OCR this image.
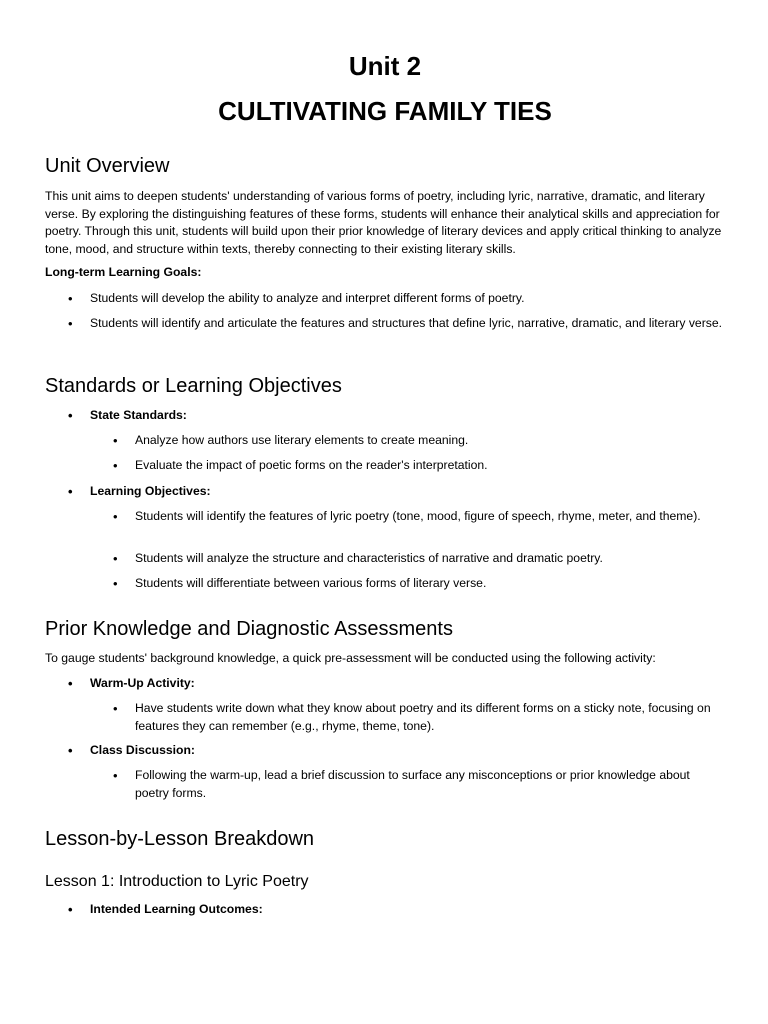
Unit 2
CULTIVATING FAMILY TIES
Unit Overview

This unit aims to deepen students' understanding of various forms of poetry, including lyric, narrative, dramatic, and literary verse. By exploring the distinguishing features of these forms, students will enhance their analytical skills and appreciation for poetry. Through this unit, students will build upon their prior knowledge of literary devices and apply critical thinking to analyze tone, mood, and structure within texts, thereby connecting to their existing literary skills.

Long-term Learning Goals:

• Students will develop the ability to analyze and interpret different forms of poetry.

• Students will identify and articulate the features and structures that define lyric, narrative, dramatic, and literary verse.

Standards or Learning Objectives

• State Standards:

• Analyze how authors use literary elements to create meaning.

• Evaluate the impact of poetic forms on the reader's interpretation.

• Learning Objectives:

• Students will identify the features of lyric poetry (tone, mood, figure of speech, rhyme, meter, and theme).

• Students will analyze the structure and characteristics of narrative and dramatic poetry.

• Students will differentiate between various forms of literary verse.

Prior Knowledge and Diagnostic Assessments

To gauge students' background knowledge, a quick pre-assessment will be conducted using the following activity:

• Warm-Up Activity:

• Have students write down what they know about poetry and its different forms on a sticky note, focusing on features they can remember (e.g., rhyme, theme, tone).

• Class Discussion:

• Following the warm-up, lead a brief discussion to surface any misconceptions or prior knowledge about poetry forms.

Lesson-by-Lesson Breakdown
Lesson 1: Introduction to Lyric Poetry

• Intended Learning Outcomes:
